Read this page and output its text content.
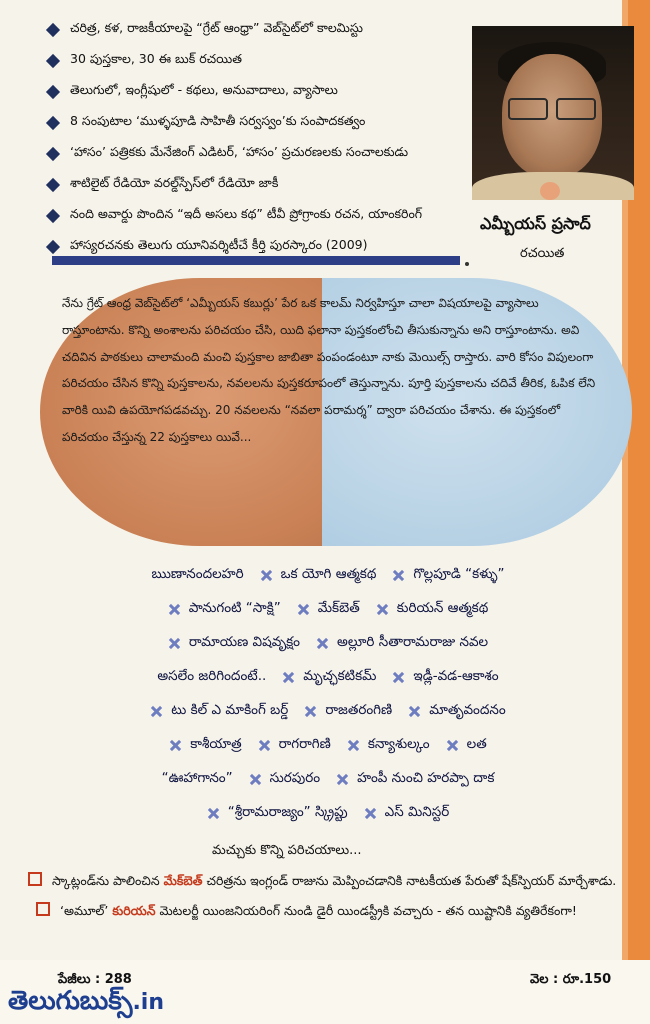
చరిత్ర, కళ, రాజకీయాలపై “గ్రేట్ ఆంధ్రా” వెబ్‌సైట్‌లో కాలమిస్టు
30 పుస్తకాల, 30 ఈ బుక్ రచయిత
తెలుగులో, ఇంగ్లీషులో - కథలు, అనువాదాలు, వ్యాసాలు
8 సంపుటాల ‘ముళ్ళపూడి సాహితీ సర్వస్వం’కు సంపాదకత్వం
‘హాసం’ పత్రికకు మేనేజింగ్ ఎడిటర్, ‘హాసం’ ప్రచురణలకు సంచాలకుడు
శాటిలైట్ రేడియో వరల్డ్‌స్పేస్‌లో రేడియో జాకీ
నంది అవార్డు పొందిన “ఇదీ అసలు కథ” టీవీ ప్రోగ్రాంకు రచన, యాంకరింగ్
హాస్యరచనకు తెలుగు యూనివర్శిటీచే కీర్తి పురస్కారం (2009)
ఎమ్బీయస్ ప్రసాద్
రచయిత

నేను గ్రేట్ ఆంధ్ర వెబ్‌సైట్‌లో ‘ఎమ్బీయస్ కబుర్లు’ పేర ఒక కాలమ్ నిర్వహిస్తూ చాలా విషయాలపై వ్యాసాలు రాస్తూంటాను. కొన్ని అంశాలను పరిచయం చేసి, యిది ఫలానా పుస్తకంలోంచి తీసుకున్నాను అని రాస్తూంటాను. అవి చదివిన పాఠకులు చాలామంది మంచి పుస్తకాల జాబితా పంపండంటూ నాకు మెయిల్స్ రాస్తారు. వారి కోసం విపులంగా పరిచయం చేసిన కొన్ని పుస్తకాలను, నవలలను పుస్తకరూపంలో తెస్తున్నాను. పూర్తి పుస్తకాలను చదివే తీరిక, ఓపిక లేని వారికి యివి ఉపయోగపడవచ్చు. 20 నవలలను “నవలా పరామర్శ” ద్వారా పరిచయం చేశాను. ఈ పుస్తకంలో పరిచయం చేస్తున్న 22 పుస్తకాలు యివే...

ఋణానందలహరి	ఒక యోగి ఆత్మకథ	గొల్లపూడి “కళ్ళు”
పానుగంటి “సాక్షి”	మేక్‌బెత్	కురియన్ ఆత్మకథ
రామాయణ విషవృక్షం	అల్లూరి సీతారామరాజు నవల
అసలేం జరిగిందంటే..	మృచ్ఛకటికమ్	ఇడ్లీ-వడ-ఆకాశం
టు కిల్ ఎ మాకింగ్ బర్డ్	రాజతరంగిణి	మాతృవందనం
కాశీయాత్ర	రాగరాగిణి	కన్యాశుల్కం	లత
“ఊహాగానం”	సురపురం	హంపీ నుంచి హరప్పా దాక
“శ్రీరామరాజ్యం” స్క్రిప్టు	ఎస్ మినిస్టర్
మచ్చుకు కొన్ని పరిచయాలు...
స్కాట్లండ్‌ను పాలించిన మేక్‌బెత్ చరిత్రను ఇంగ్లండ్ రాజును మెప్పించడానికి నాటకీయత పేరుతో షేక్‌స్పియర్ మార్చేశాడు. ‘అమూల్’ కురియన్ మెటలర్జీ యింజనియరింగ్ నుండి డైరీ యిండస్ట్రీకి వచ్చారు - తన యిష్టానికి వ్యతిరేకంగా!
పేజీలు : 288	వెల : రూ.150
తెలుగుబుక్స్.in
